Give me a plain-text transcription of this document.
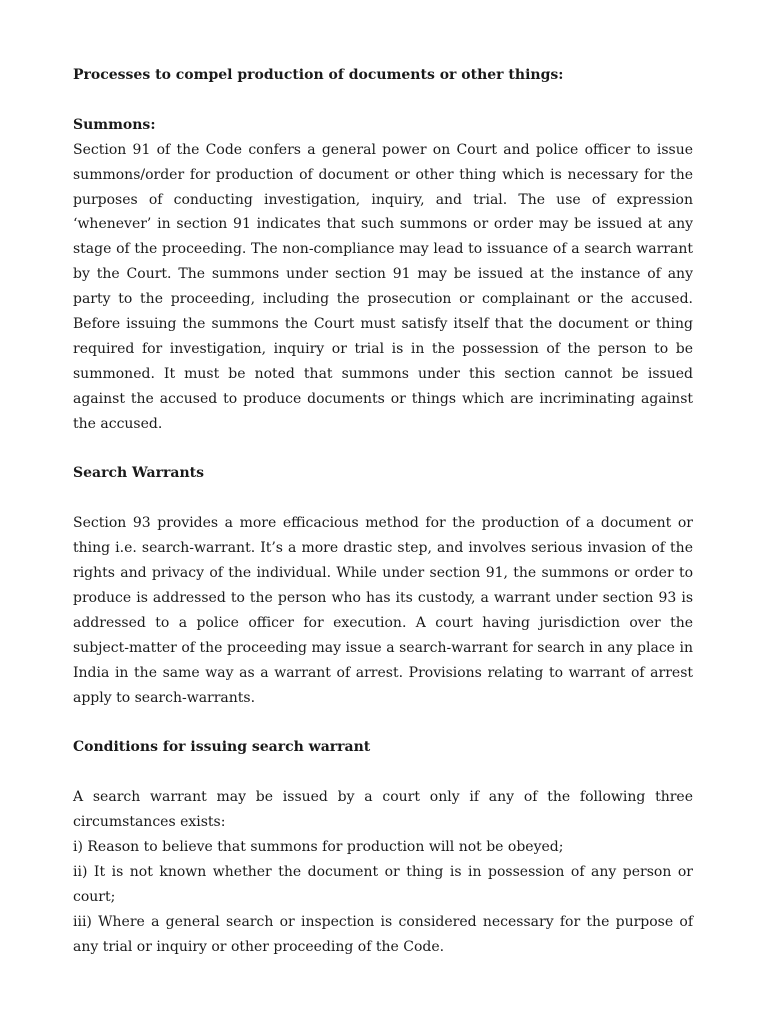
Processes to compel production of documents or other things:

Summons:

Section 91 of the Code confers a general power on Court and police officer to issue summons/order for production of document or other thing which is necessary for the purposes of conducting investigation, inquiry, and trial. The use of expression ‘whenever’ in section 91 indicates that such summons or order may be issued at any stage of the proceeding. The non-compliance may lead to issuance of a search warrant by the Court. The summons under section 91 may be issued at the instance of any party to the proceeding, including the prosecution or complainant or the accused. Before issuing the summons the Court must satisfy itself that the document or thing required for investigation, inquiry or trial is in the possession of the person to be summoned. It must be noted that summons under this section cannot be issued against the accused to produce documents or things which are incriminating against the accused.

Search Warrants

Section 93 provides a more efficacious method for the production of a document or thing i.e. search-warrant. It’s a more drastic step, and involves serious invasion of the rights and privacy of the individual. While under section 91, the summons or order to produce is addressed to the person who has its custody, a warrant under section 93 is addressed to a police officer for execution. A court having jurisdiction over the subject-matter of the proceeding may issue a search-warrant for search in any place in India in the same way as a warrant of arrest. Provisions relating to warrant of arrest apply to search-warrants.

Conditions for issuing search warrant

A search warrant may be issued by a court only if any of the following three circumstances exists:

i) Reason to believe that summons for production will not be obeyed;

ii) It is not known whether the document or thing is in possession of any person or court;

iii) Where a general search or inspection is considered necessary for the purpose of any trial or inquiry or other proceeding of the Code.
